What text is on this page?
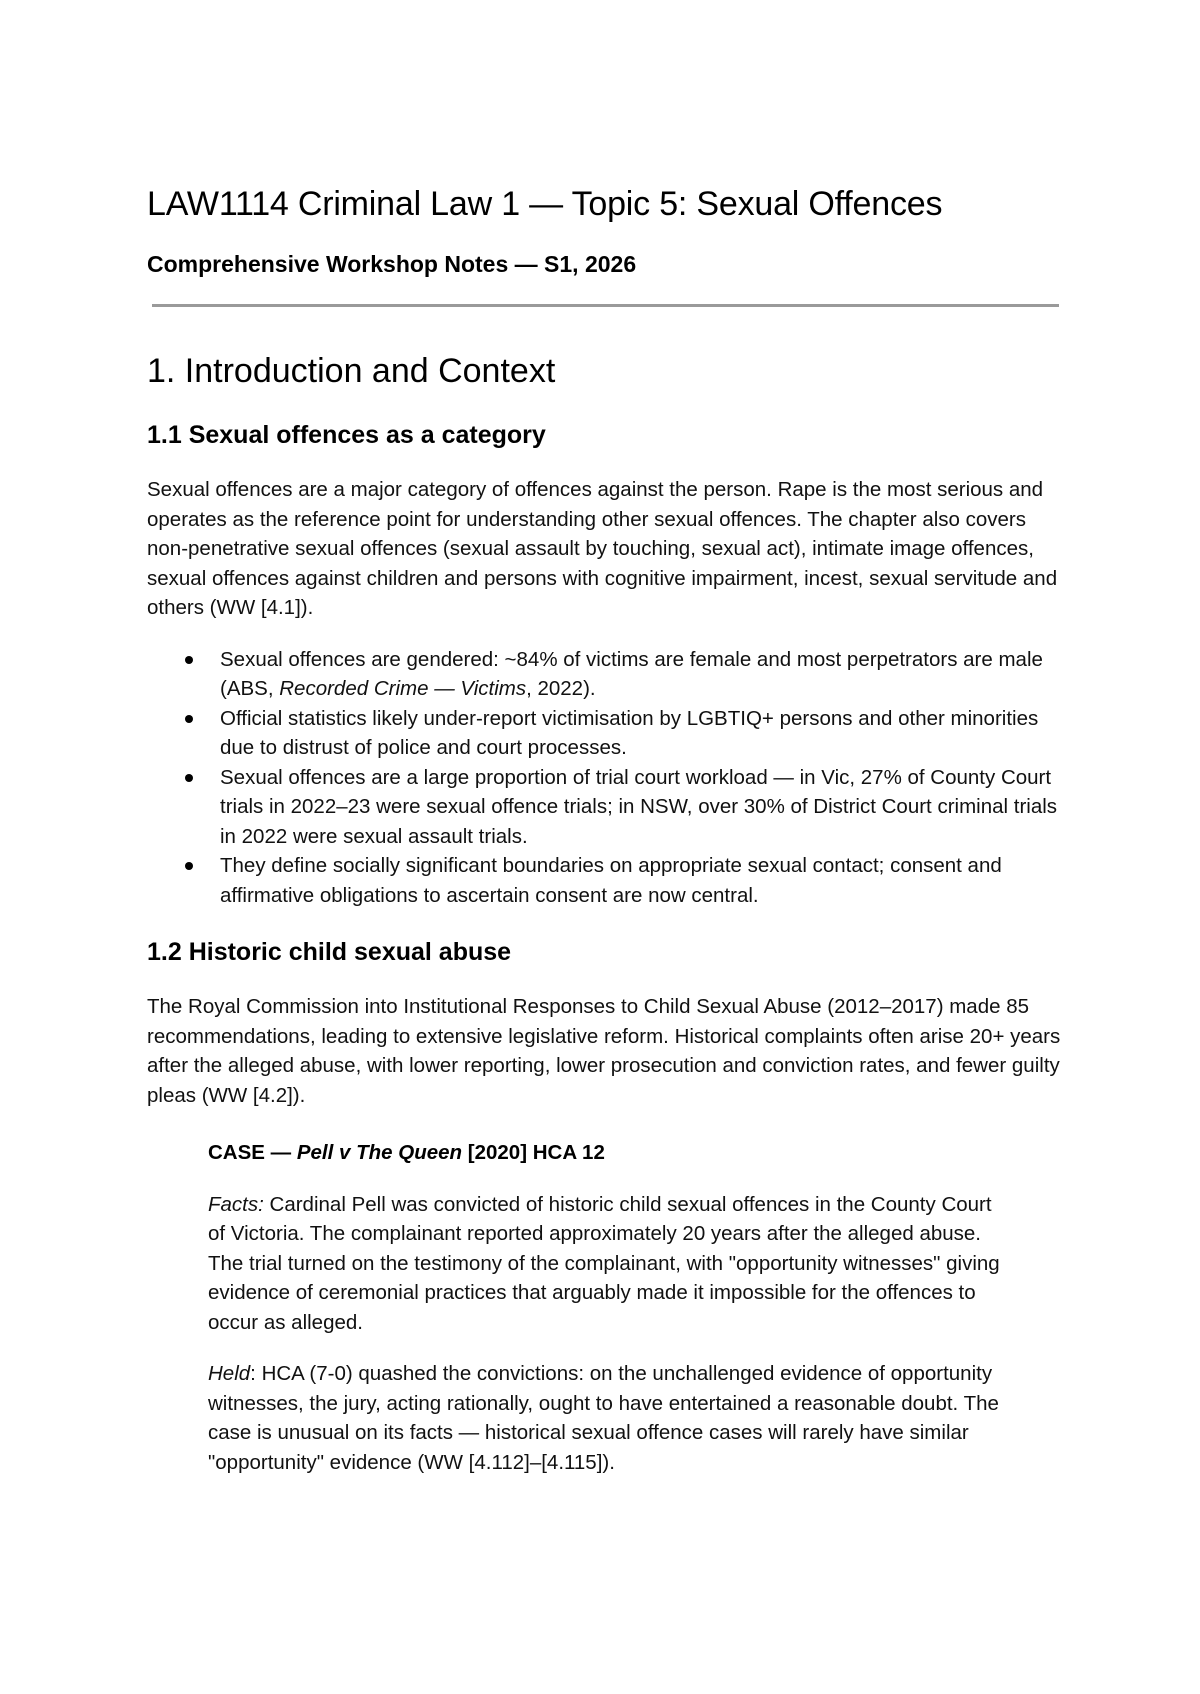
LAW1114 Criminal Law 1 — Topic 5: Sexual Offences
Comprehensive Workshop Notes — S1, 2026
1. Introduction and Context
1.1 Sexual offences as a category

Sexual offences are a major category of offences against the person. Rape is the most serious and operates as the reference point for understanding other sexual offences. The chapter also covers non-penetrative sexual offences (sexual assault by touching, sexual act), intimate image offences, sexual offences against children and persons with cognitive impairment, incest, sexual servitude and others (WW [4.1]).

Sexual offences are gendered: ~84% of victims are female and most perpetrators are male (ABS, Recorded Crime — Victims, 2022).
Official statistics likely under-report victimisation by LGBTIQ+ persons and other minorities due to distrust of police and court processes.
Sexual offences are a large proportion of trial court workload — in Vic, 27% of County Court trials in 2022–23 were sexual offence trials; in NSW, over 30% of District Court criminal trials in 2022 were sexual assault trials.
They define socially significant boundaries on appropriate sexual contact; consent and affirmative obligations to ascertain consent are now central.
1.2 Historic child sexual abuse

The Royal Commission into Institutional Responses to Child Sexual Abuse (2012–2017) made 85 recommendations, leading to extensive legislative reform. Historical complaints often arise 20+ years after the alleged abuse, with lower reporting, lower prosecution and conviction rates, and fewer guilty pleas (WW [4.2]).

CASE — Pell v The Queen [2020] HCA 12

Facts: Cardinal Pell was convicted of historic child sexual offences in the County Court of Victoria. The complainant reported approximately 20 years after the alleged abuse. The trial turned on the testimony of the complainant, with "opportunity witnesses" giving evidence of ceremonial practices that arguably made it impossible for the offences to occur as alleged.

Held: HCA (7-0) quashed the convictions: on the unchallenged evidence of opportunity witnesses, the jury, acting rationally, ought to have entertained a reasonable doubt. The case is unusual on its facts — historical sexual offence cases will rarely have similar "opportunity" evidence (WW [4.112]–[4.115]).
